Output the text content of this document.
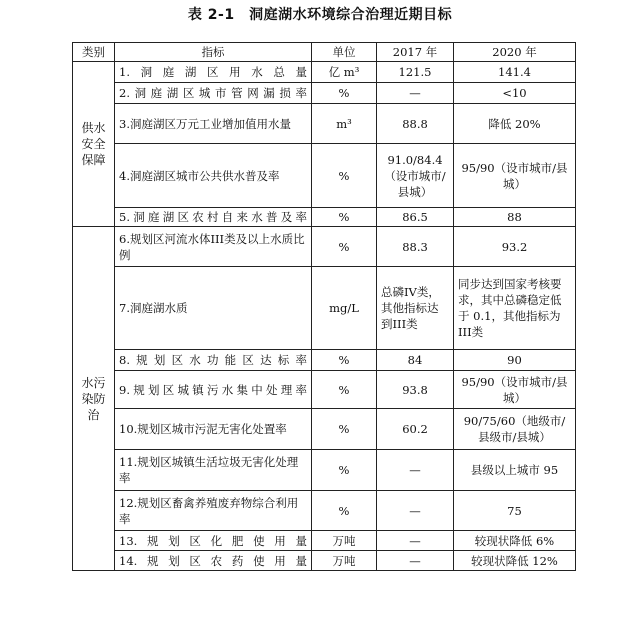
表 2-1　洞庭湖水环境综合治理近期目标
类别	指标	单位	2017 年	2020 年
供水安全保障	1.洞庭湖区用水总量	亿 m³	121.5	141.4
	2.洞庭湖区城市管网漏损率	%	—	<10
	3.洞庭湖区万元工业增加值用水量	m³	88.8	降低 20%
	4.洞庭湖区城市公共供水普及率	%	91.0/84.4（设市城市/县城）	95/90（设市城市/县城）
	5.洞庭湖区农村自来水普及率	%	86.5	88
水污染防治	6.规划区河流水体III类及以上水质比例	%	88.3	93.2
	7.洞庭湖水质	mg/L	总磷IV类，其他指标达到III类	同步达到国家考核要求，其中总磷稳定低于 0.1，其他指标为III类
	8.规划区水功能区达标率	%	84	90
	9.规划区城镇污水集中处理率	%	93.8	95/90（设市城市/县城）
	10.规划区城市污泥无害化处置率	%	60.2	90/75/60（地级市/县级市/县城）
	11.规划区城镇生活垃圾无害化处理率	%	—	县级以上城市 95
	12.规划区畜禽养殖废弃物综合利用率	%	—	75
	13.规划区化肥使用量	万吨	—	较现状降低 6%
	14.规划区农药使用量	万吨	—	较现状降低 12%
